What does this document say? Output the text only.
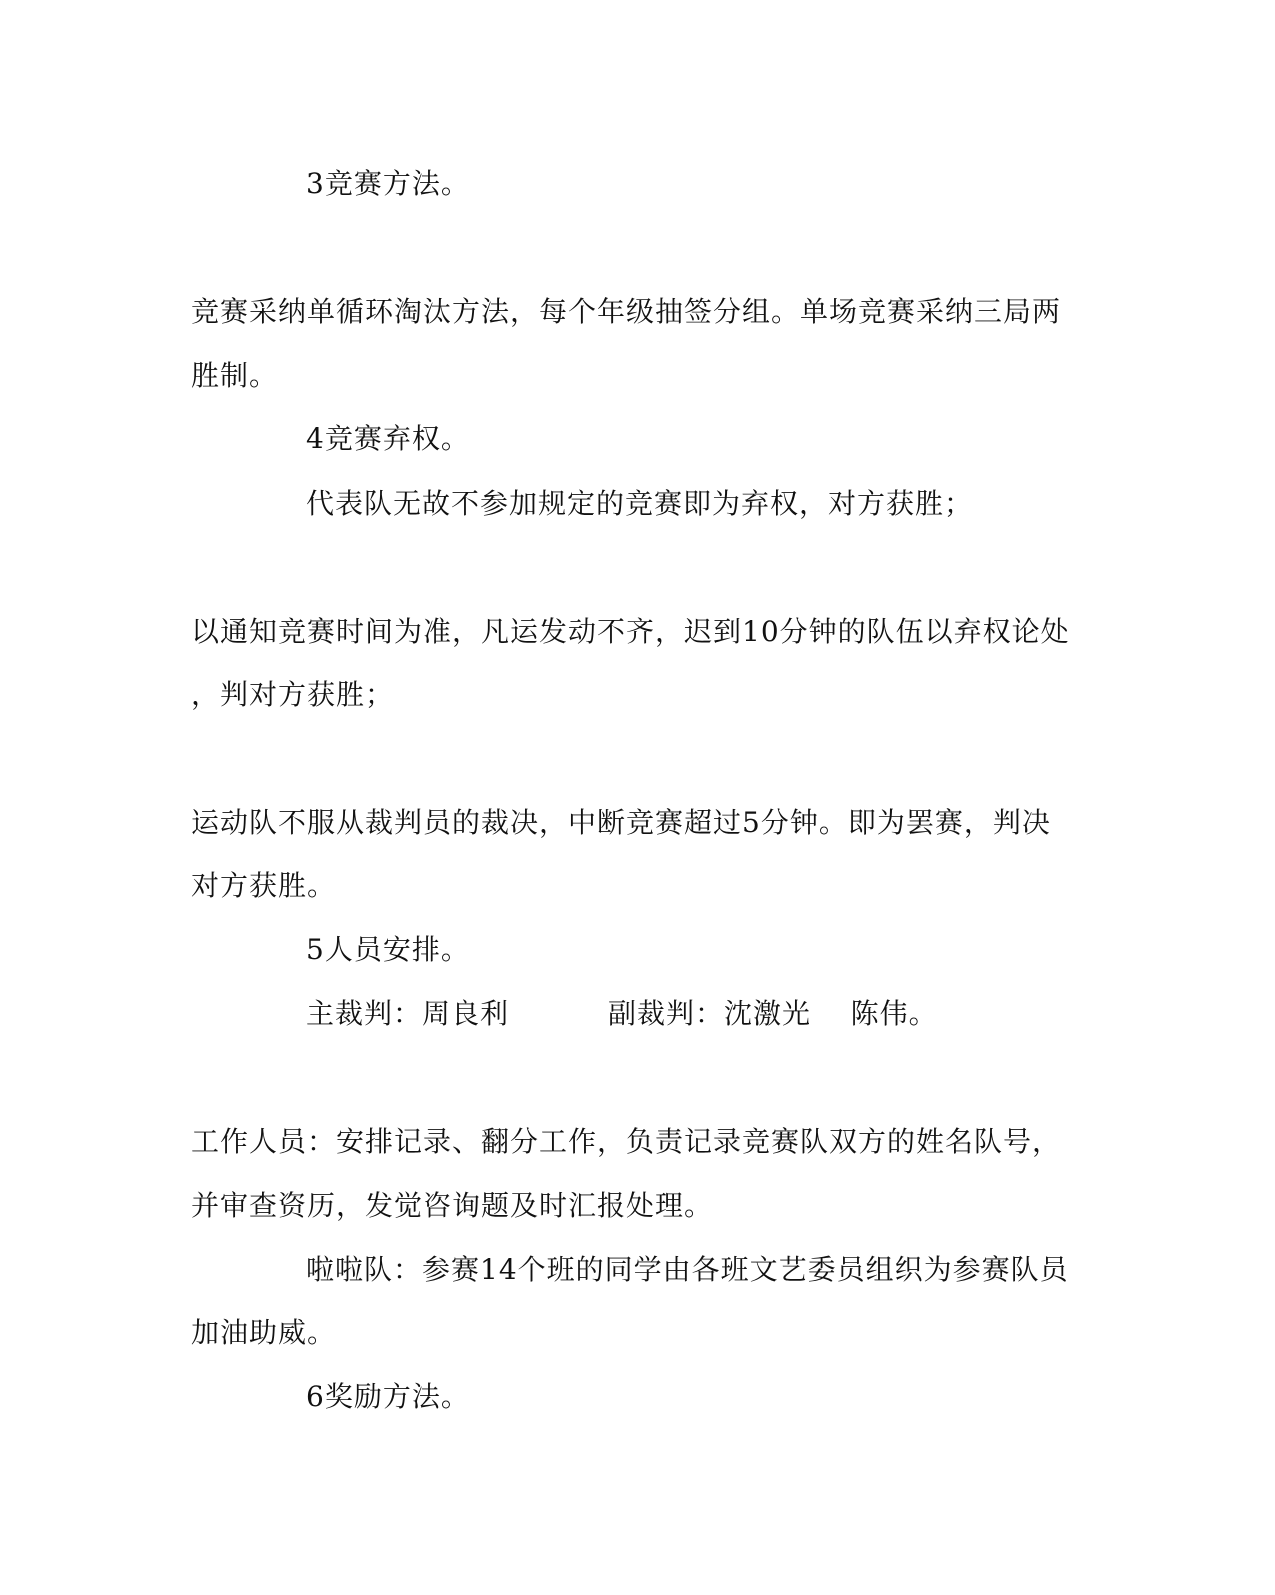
3竞赛方法。
竞赛采纳单循环淘汰方法，每个年级抽签分组。单场竞赛采纳三局两
胜制。
4竞赛弃权。
代表队无故不参加规定的竞赛即为弃权，对方获胜；
以通知竞赛时间为准，凡运发动不齐，迟到10分钟的队伍以弃权论处
，判对方获胜；
运动队不服从裁判员的裁决，中断竞赛超过5分钟。即为罢赛，判决
对方获胜。
5人员安排。
主裁判：周良利          副裁判：沈激光    陈伟。
工作人员：安排记录、翻分工作，负责记录竞赛队双方的姓名队号，
并审查资历，发觉咨询题及时汇报处理。
啦啦队：参赛14个班的同学由各班文艺委员组织为参赛队员
加油助威。
6奖励方法。
